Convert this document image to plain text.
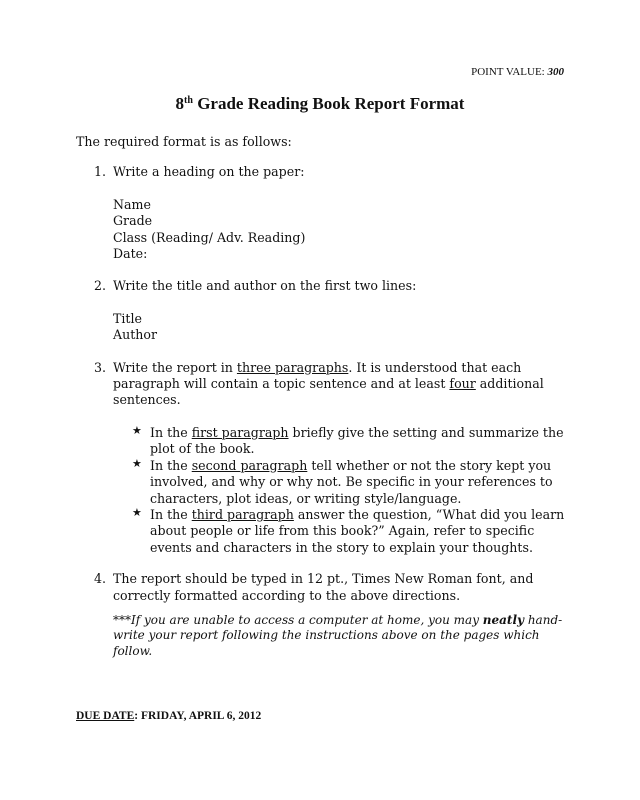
POINT VALUE: 300
8th Grade Reading Book Report Format

The required format is as follows:

1. Write a heading on the paper:

Name
Grade
Class (Reading/ Adv. Reading)
Date:
2. Write the title and author on the first two lines:

Title
Author
3. Write the report in three paragraphs. It is understood that each paragraph will contain a topic sentence and at least four additional sentences.

★ In the first paragraph briefly give the setting and summarize the plot of the book.
★ In the second paragraph tell whether or not the story kept you involved, and why or why not. Be specific in your references to characters, plot ideas, or writing style/language.
★ In the third paragraph answer the question, “What did you learn about people or life from this book?” Again, refer to specific events and characters in the story to explain your thoughts.
4. The report should be typed in 12 pt., Times New Roman font, and correctly formatted according to the above directions.

***If you are unable to access a computer at home, you may neatly hand-write your report following the instructions above on the pages which follow.

DUE DATE: FRIDAY, APRIL 6, 2012
